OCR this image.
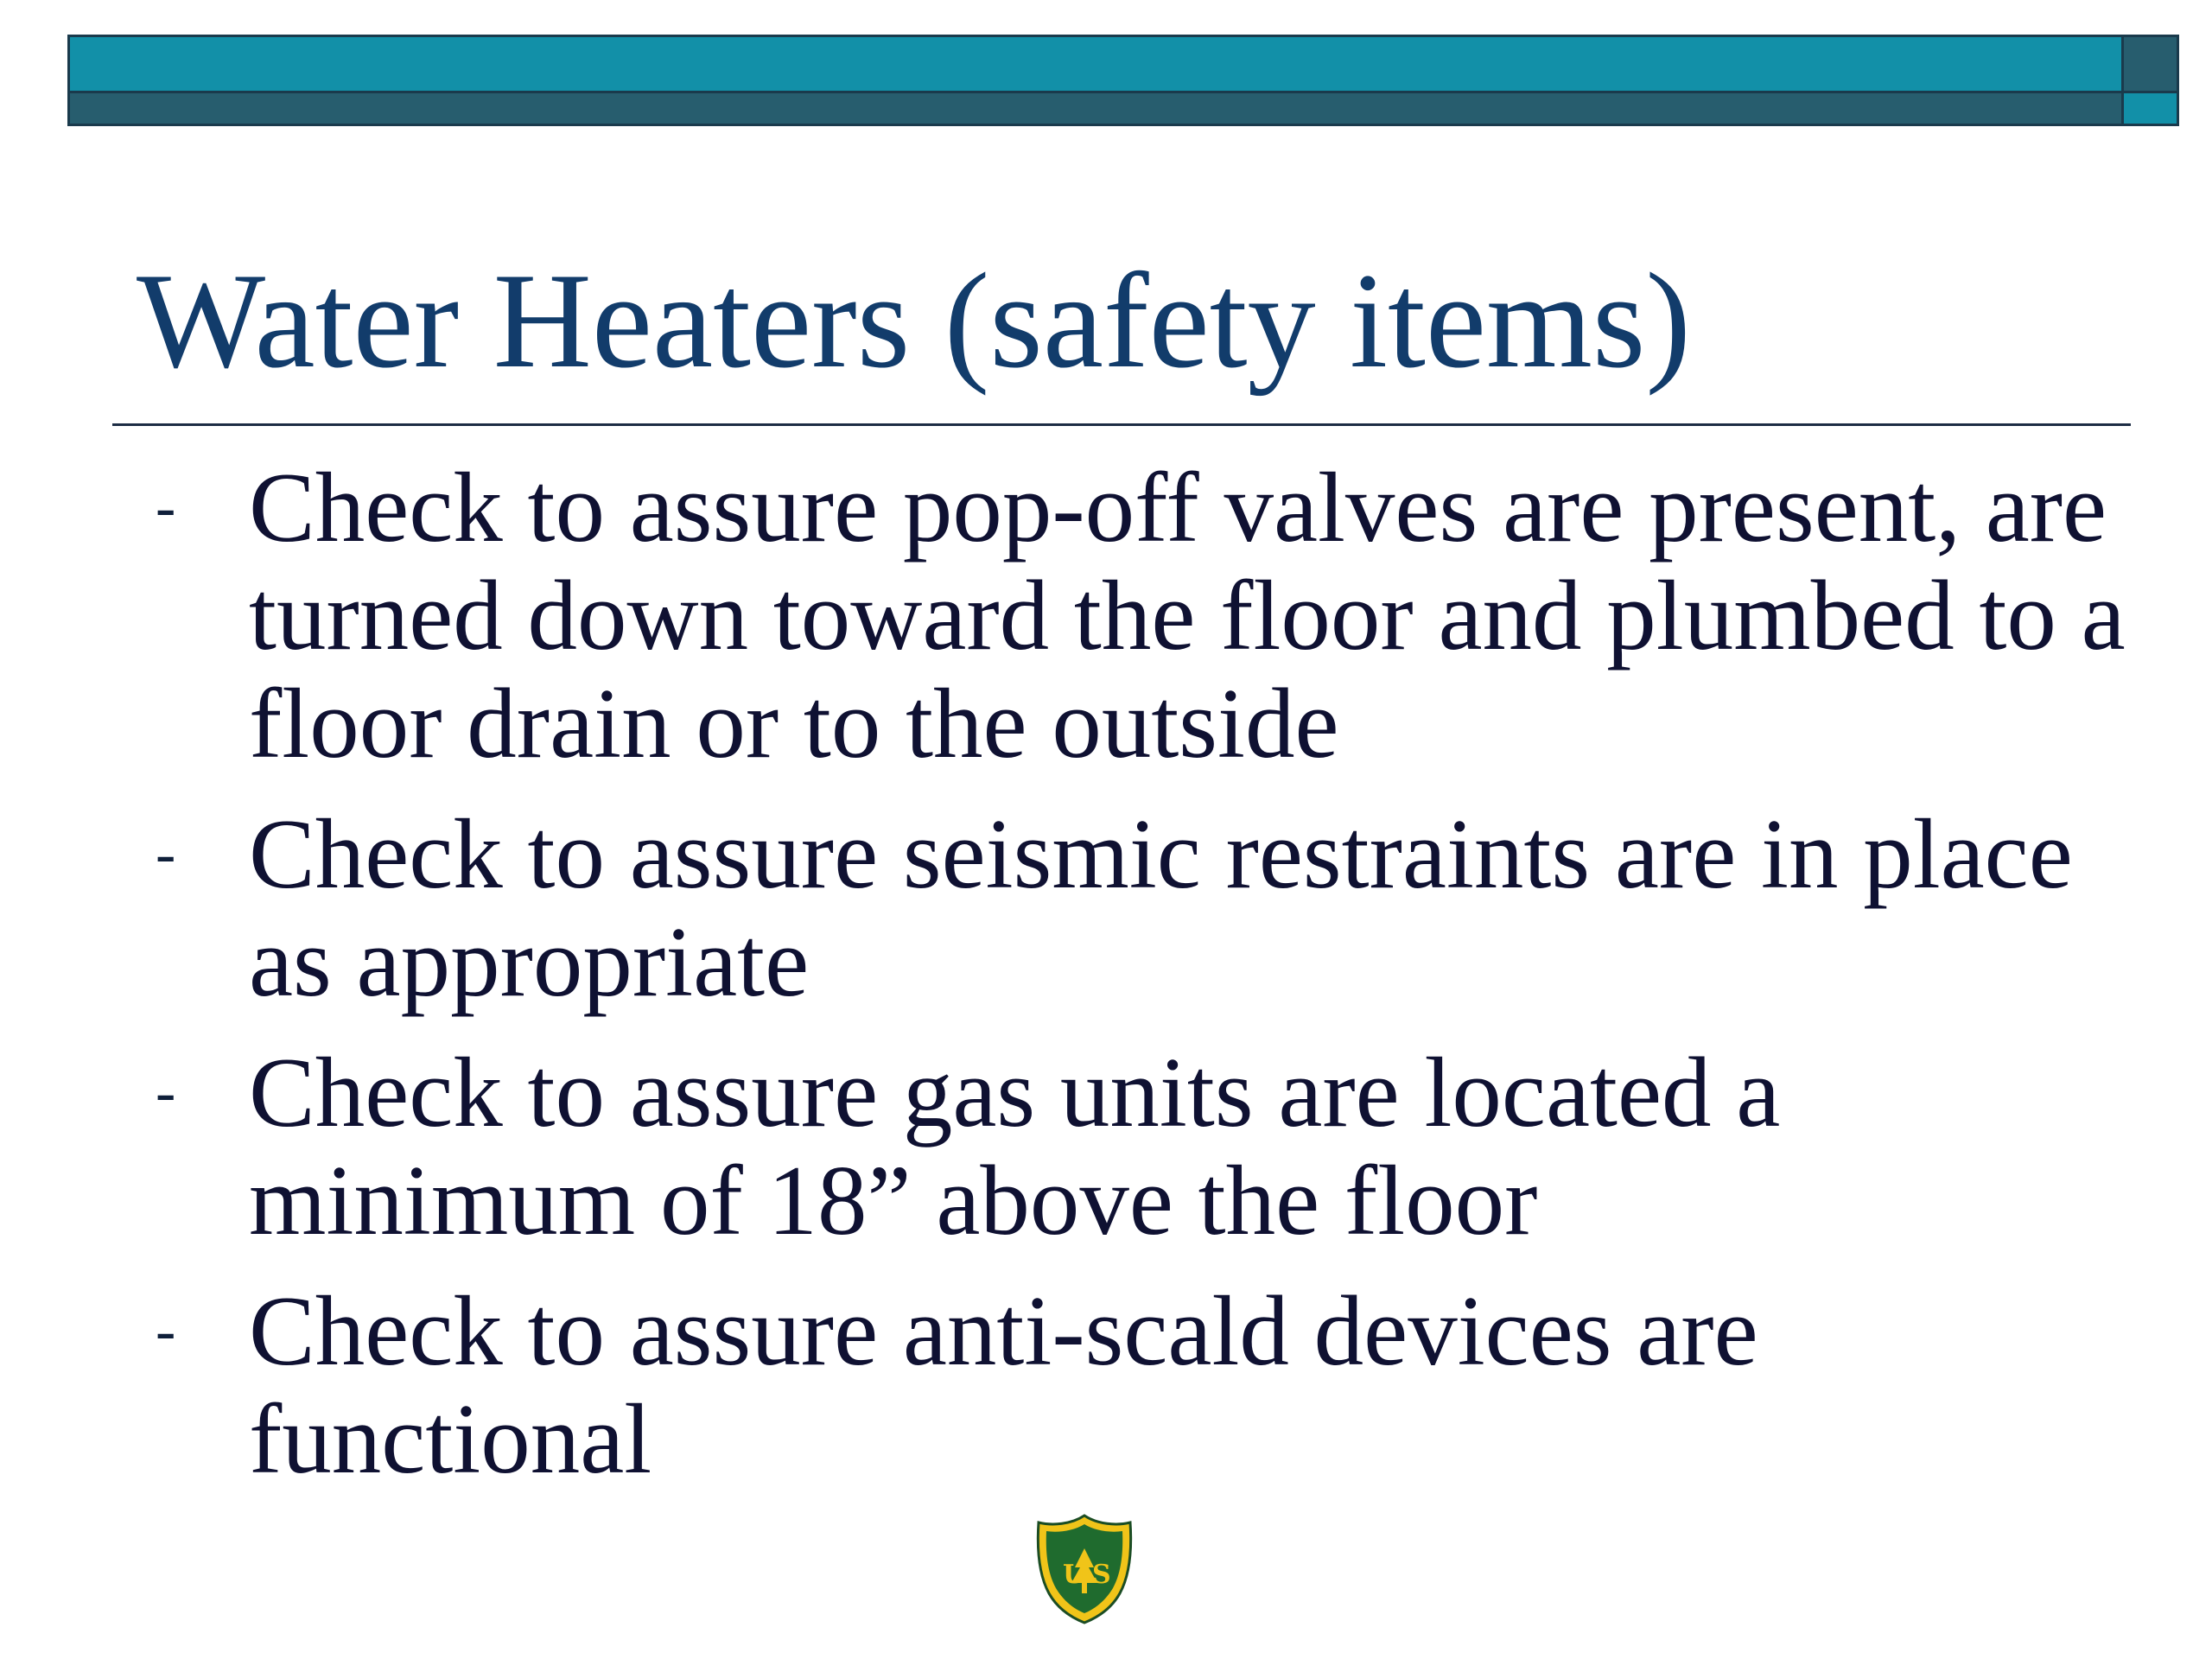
Water Heaters (safety items)
- Check to assure pop-off valves are present, are turned down toward the floor and plumbed to a floor drain or to the outside
- Check to assure seismic restraints are in place as appropriate
- Check to assure gas units are located a minimum of 18” above the floor
- Check to assure anti-scald devices are functional
U S
